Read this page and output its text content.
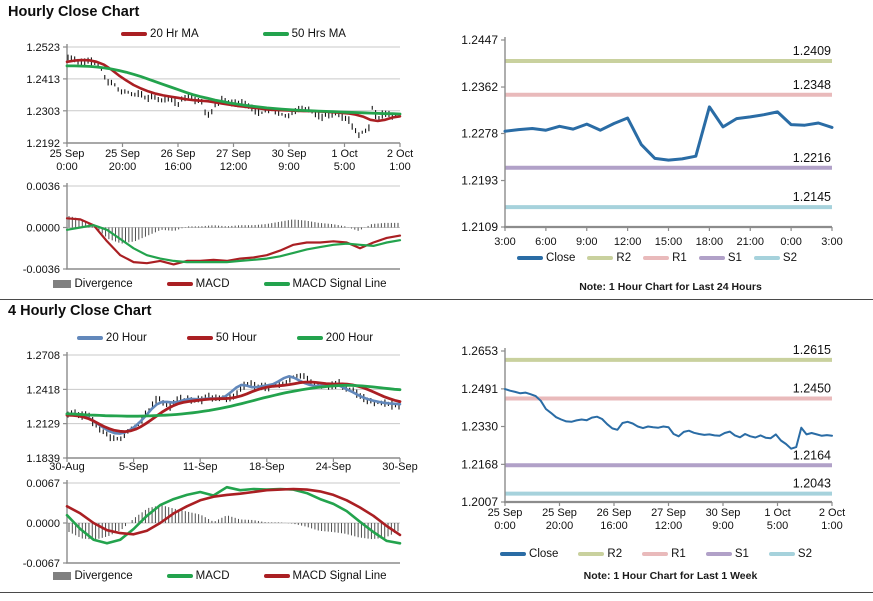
Hourly Close Chart
4 Hourly Close Chart
20 Hr MA	50 Hrs MA
1.2523
1.2413
1.2303
1.2192
25 Sep
0:00
25 Sep
20:00
26 Sep
16:00
27 Sep
12:00
30 Sep
9:00
1 Oct
5:00
2 Oct
1:00
0.0036
0.0000
-0.0036
Divergence	MACD	MACD Signal Line
1.2447
1.2362
1.2278
1.2193
1.2109
1.2409
1.2348
1.2216
1.2145
3:00 6:00 9:00 12:00 15:00 18:00 21:00 0:00 3:00
Close	R2	R1	S1	S2
Note: 1 Hour Chart for Last 24 Hours
20 Hour	50 Hour	200 Hour
1.2708
1.2418
1.2129
1.1839
30-Aug	5-Sep	11-Sep	18-Sep	24-Sep	30-Sep
0.0067
0.0000
-0.0067
Divergence	MACD	MACD Signal Line
1.2653
1.2491
1.2330
1.2168
1.2007
1.2615
1.2450
1.2164
1.2043
25 Sep
0:00
25 Sep
20:00
26 Sep
16:00
27 Sep
12:00
30 Sep
9:00
1 Oct
5:00
2 Oct
1:00
Close	R2	R1	S1	S2
Note: 1 Hour Chart for Last 1 Week
